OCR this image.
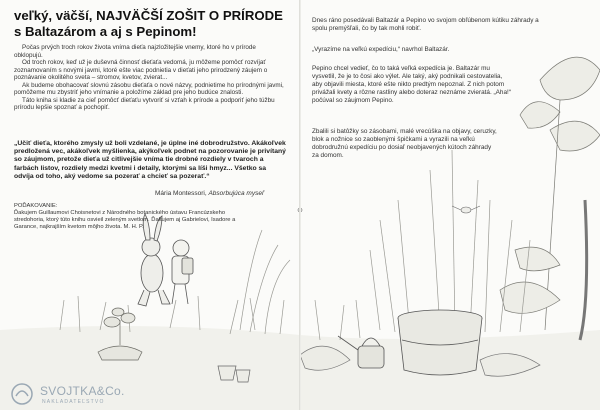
veľký, väčší, NAJVÄČŠÍ ZOŠIT O PRÍRODE
s Baltazárom a aj s Pepinom!
Počas prvých troch rokov života vnímа dieťa najzložitejšie vnemy, ktoré ho v prírode obklopujú.
Od troch rokov, keď už je duševná činnosť dieťaťa vedomá, ju môžeme pomôcť rozvíjať zoznamovaním s novými javmi, ktoré ešte viac podnietia v dieťati jeho prirodzený záujem o poznávanie okolitého sveta – stromov, kvetov, zvierat...
Ak budeme obohacovať slovnú zásobu dieťaťa o nové názvy, podnietime ho prírodnými javmi, pomôžeme mu zbystriť jeho vnímanie a položíme základ pre jeho budúce znalosti.
Táto kniha si kladie za cieľ pomôcť dieťaťu vytvoriť si vzťah k prírode a podporiť jeho túžbu prírodu lepšie spoznať a pochopiť.

„Učiť dieťa, ktorého zmysly už boli vzdelané, je úplne iné dobrodružstvo. Akákoľvek predložená vec, akákoľvek myšlienka, akýkoľvek podnet na pozorovanie je privítaný so záujmom, pretože dieťa už citlivejšie vníma tie drobné rozdiely v tvaroch a farbách listov, rozdiely medzi kvetmi i detaily, ktorými sa líši hmyz... Všetko sa odvíja od toho, aký vedome sa pozerať a chcieť sa pozerať.“

Mária Montessori, Absorbujúca myseľ

POĎAKOVANIE:
Ďakujem Guillaumovi Choisnetovi z Národného botanického ústavu Francúzskeho stredohoria, ktorý túto knihu osvieil zeleným svetlom. Ďakujem aj Gabrielovi, Isadore a Garance, najkrajším kvetom môjho života. M. H. P.

Dnes ráno posedávali Baltazár a Pepino vo svojom obľúbenom kútiku záhrady a spolu premýšľali, čo by tak mohli robiť.

„Vyrazíme na veľkú expedíciu,“ navrhol Baltazár.

Pepino chcel vedieť, čo to taká veľká expedícia je. Baltazár mu vysvetlil, že je to čosi ako výlet. Ale taký, aký podnikali cestovatelia, aby objavili miesta, ktoré ešte nikto predtým nepoznal. Z nich potom privážali kvety a rôzne rastliny alebo doteraz neznáme zvieratá. „Aha!“ počúval so záujmom Pepino.

Zbalili si batôžky so zásobami, malé vrecúška na objavy, ceruzky, blok a nožnice so zaoblenými špičkami a vyrazili na veľkú dobrodružnú expedíciu po dosiaľ neobjavených kútoch záhrady za domom.

SVOJTKA&Co.
NAKLADATEĽSTVO
